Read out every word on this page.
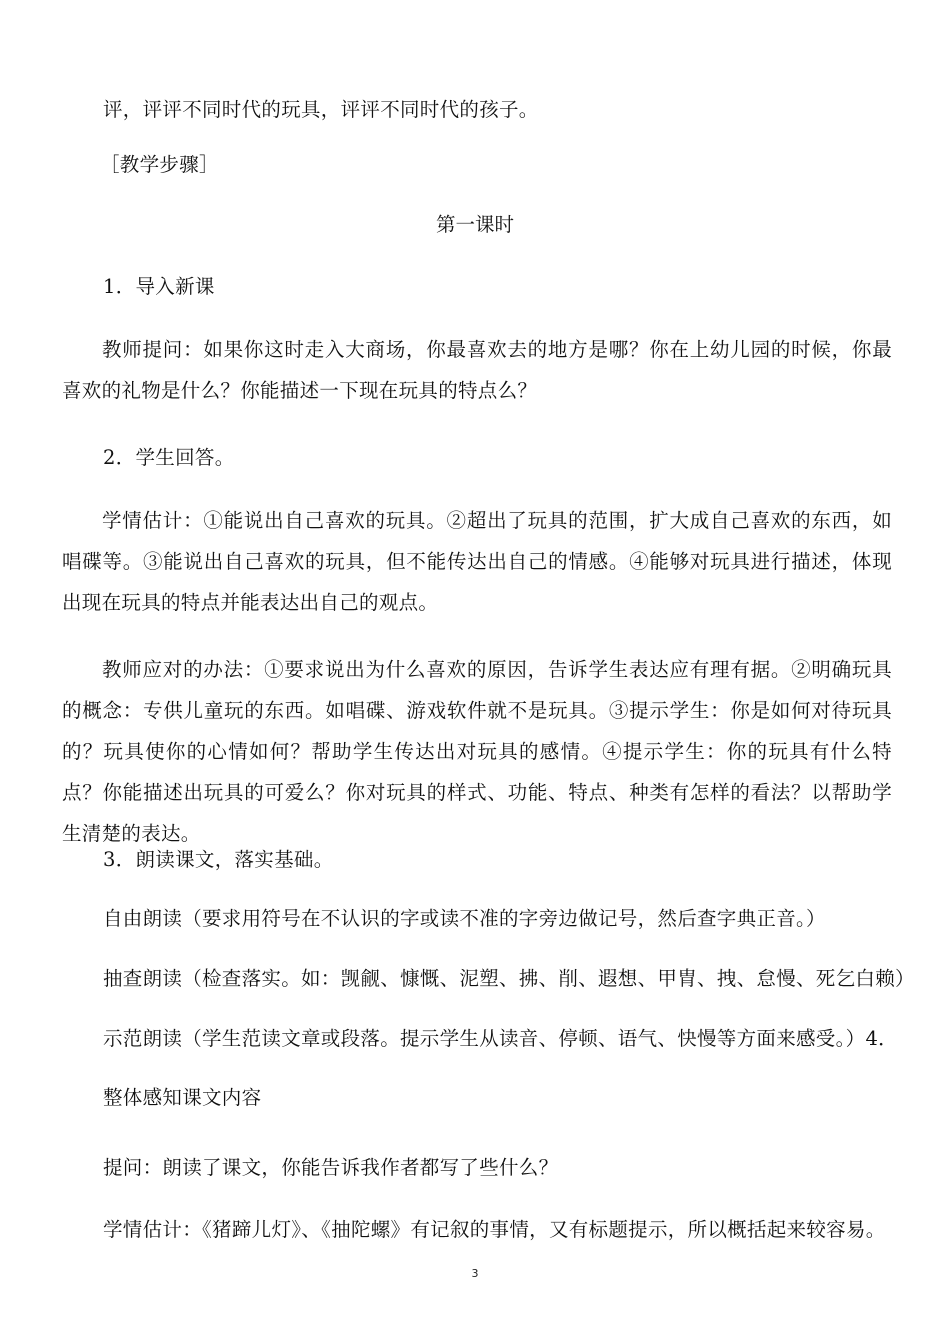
评，评评不同时代的玩具，评评不同时代的孩子。
［教学步骤］
第一课时
1．导入新课

教师提问：如果你这时走入大商场，你最喜欢去的地方是哪？你在上幼儿园的时候，你最喜欢的礼物是什么？你能描述一下现在玩具的特点么？

2．学生回答。

学情估计：①能说出自己喜欢的玩具。②超出了玩具的范围，扩大成自己喜欢的东西，如唱碟等。③能说出自己喜欢的玩具，但不能传达出自己的情感。④能够对玩具进行描述，体现出现在玩具的特点并能表达出自己的观点。

教师应对的办法：①要求说出为什么喜欢的原因，告诉学生表达应有理有据。②明确玩具的概念：专供儿童玩的东西。如唱碟、游戏软件就不是玩具。③提示学生：你是如何对待玩具的？玩具使你的心情如何？帮助学生传达出对玩具的感情。④提示学生：你的玩具有什么特点？你能描述出玩具的可爱么？你对玩具的样式、功能、特点、种类有怎样的看法？以帮助学生清楚的表达。

3．朗读课文，落实基础。
自由朗读（要求用符号在不认识的字或读不准的字旁边做记号，然后查字典正音。）
抽查朗读（检查落实。如：觊觎、慷慨、泥塑、拂、削、遐想、甲胄、拽、怠慢、死乞白赖）
示范朗读（学生范读文章或段落。提示学生从读音、停顿、语气、快慢等方面来感受。）4．
整体感知课文内容
提问：朗读了课文，你能告诉我作者都写了些什么？
学情估计：《猪蹄儿灯》、《抽陀螺》有记叙的事情，又有标题提示，所以概括起来较容易。
3
